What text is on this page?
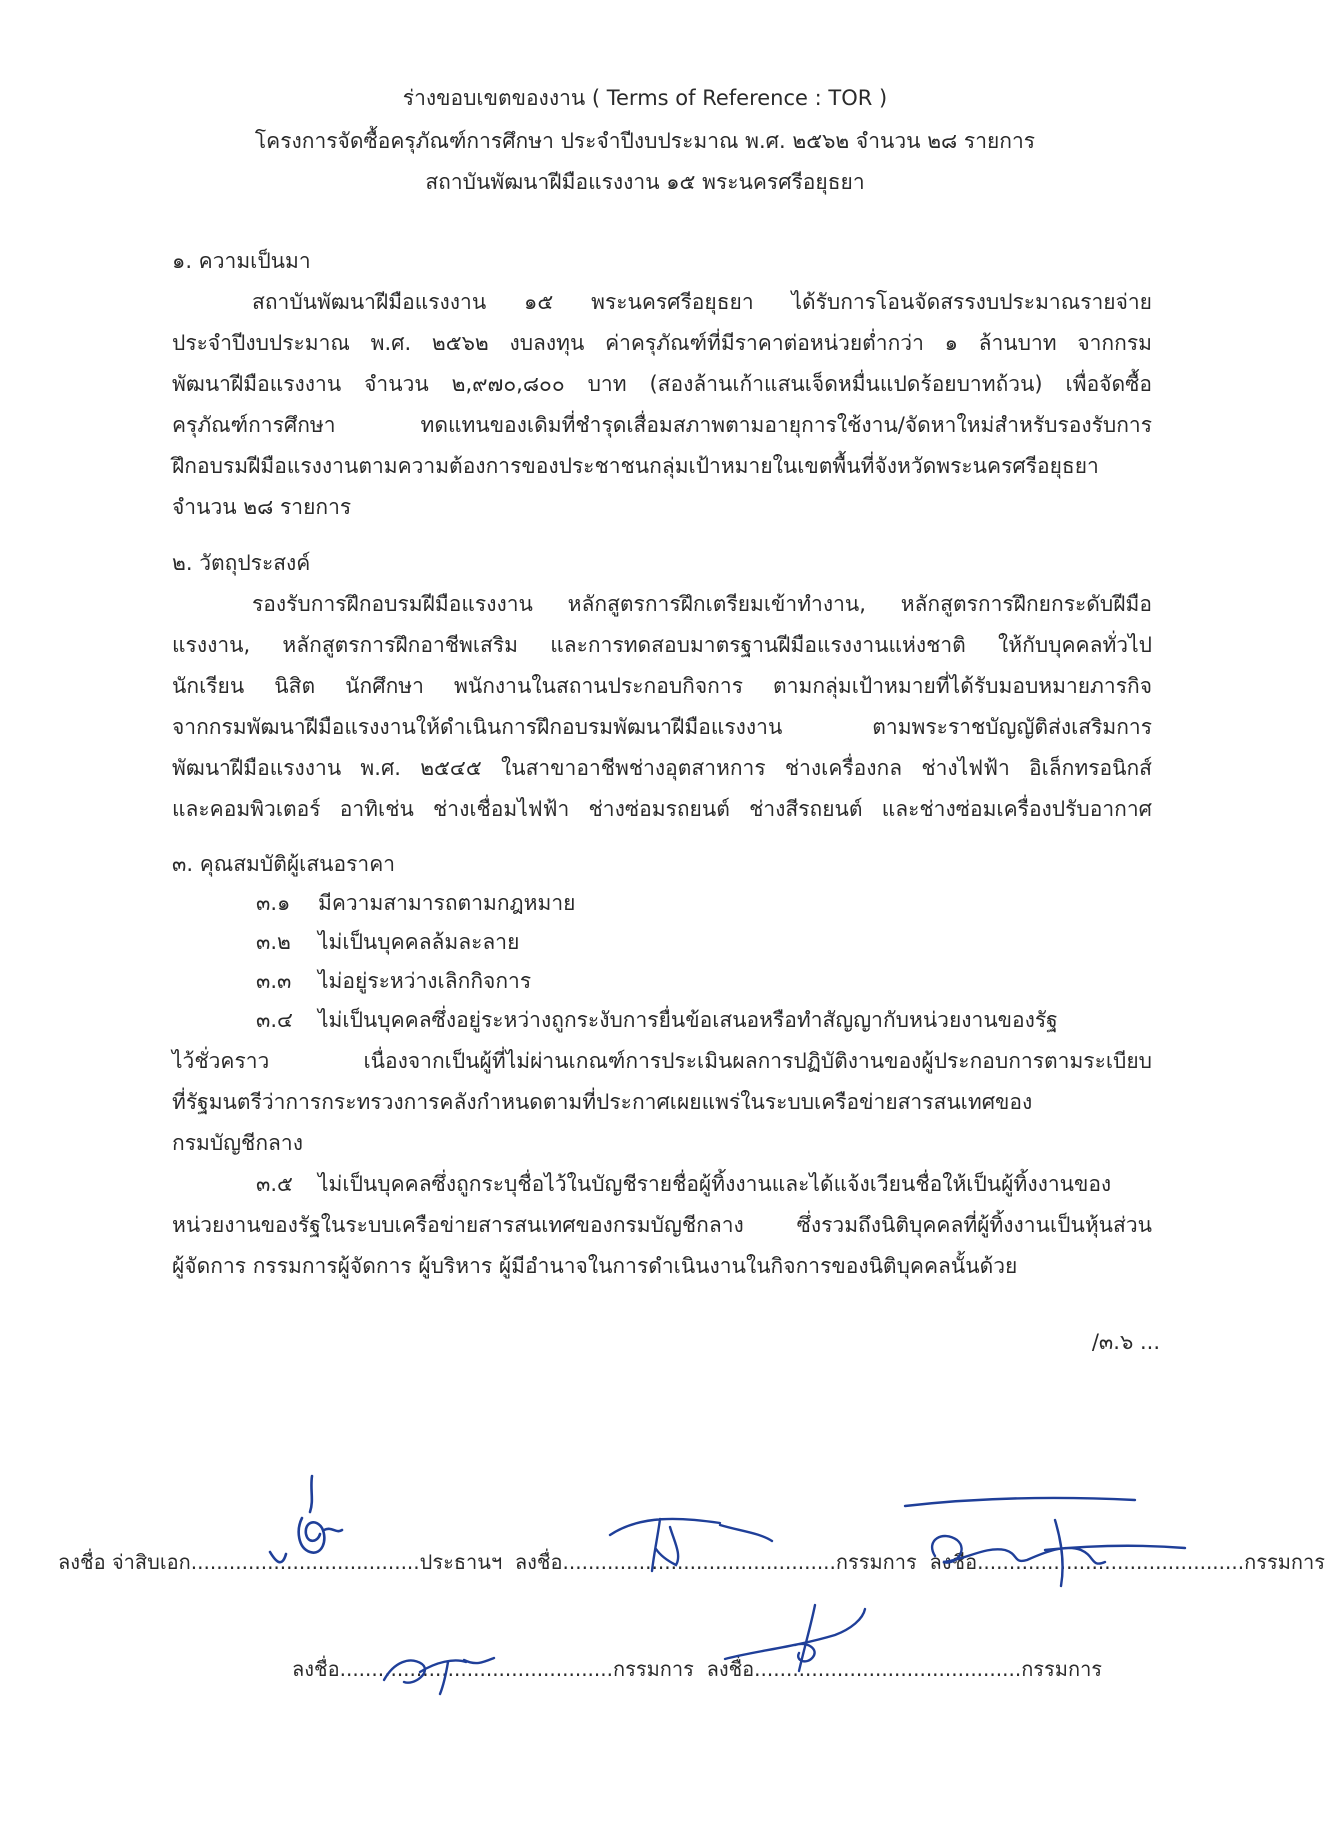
ร่างขอบเขตของงาน ( Terms of Reference : TOR )
โครงการจัดซื้อครุภัณฑ์การศึกษา ประจำปีงบประมาณ พ.ศ. ๒๕๖๒ จำนวน ๒๘ รายการ
สถาบันพัฒนาฝีมือแรงงาน ๑๕ พระนครศรีอยุธยา
๑. ความเป็นมา
สถาบันพัฒนาฝีมือแรงงาน ๑๕ พระนครศรีอยุธยา ได้รับการโอนจัดสรรงบประมาณรายจ่าย
ประจำปีงบประมาณ พ.ศ. ๒๕๖๒ งบลงทุน ค่าครุภัณฑ์ที่มีราคาต่อหน่วยต่ำกว่า ๑ ล้านบาท จากกรม
พัฒนาฝีมือแรงงาน จำนวน ๒,๙๗๐,๘๐๐ บาท (สองล้านเก้าแสนเจ็ดหมื่นแปดร้อยบาทถ้วน) เพื่อจัดซื้อ
ครุภัณฑ์การศึกษา ทดแทนของเดิมที่ชำรุดเสื่อมสภาพตามอายุการใช้งาน/จัดหาใหม่สำหรับรองรับการ
ฝึกอบรมฝีมือแรงงานตามความต้องการของประชาชนกลุ่มเป้าหมายในเขตพื้นที่จังหวัดพระนครศรีอยุธยา
จำนวน ๒๘ รายการ
๒. วัตถุประสงค์
รองรับการฝึกอบรมฝีมือแรงงาน หลักสูตรการฝึกเตรียมเข้าทำงาน, หลักสูตรการฝึกยกระดับฝีมือ
แรงงาน, หลักสูตรการฝึกอาชีพเสริม และการทดสอบมาตรฐานฝีมือแรงงานแห่งชาติ ให้กับบุคคลทั่วไป
นักเรียน นิสิต นักศึกษา พนักงานในสถานประกอบกิจการ ตามกลุ่มเป้าหมายที่ได้รับมอบหมายภารกิจ
จากกรมพัฒนาฝีมือแรงงานให้ดำเนินการฝึกอบรมพัฒนาฝีมือแรงงาน ตามพระราชบัญญัติส่งเสริมการ
พัฒนาฝีมือแรงงาน พ.ศ. ๒๕๔๕ ในสาขาอาชีพช่างอุตสาหการ ช่างเครื่องกล ช่างไฟฟ้า อิเล็กทรอนิกส์
และคอมพิวเตอร์ อาทิเช่น ช่างเชื่อมไฟฟ้า ช่างซ่อมรถยนต์ ช่างสีรถยนต์ และช่างซ่อมเครื่องปรับอากาศ
๓. คุณสมบัติผู้เสนอราคา
๓.๑ มีความสามารถตามกฎหมาย
๓.๒ ไม่เป็นบุคคลล้มละลาย
๓.๓ ไม่อยู่ระหว่างเลิกกิจการ
๓.๔ ไม่เป็นบุคคลซึ่งอยู่ระหว่างถูกระงับการยื่นข้อเสนอหรือทำสัญญากับหน่วยงานของรัฐ
ไว้ชั่วคราว เนื่องจากเป็นผู้ที่ไม่ผ่านเกณฑ์การประเมินผลการปฏิบัติงานของผู้ประกอบการตามระเบียบ
ที่รัฐมนตรีว่าการกระทรวงการคลังกำหนดตามที่ประกาศเผยแพร่ในระบบเครือข่ายสารสนเทศของ
กรมบัญชีกลาง
๓.๕ ไม่เป็นบุคคลซึ่งถูกระบุชื่อไว้ในบัญชีรายชื่อผู้ทิ้งงานและได้แจ้งเวียนชื่อให้เป็นผู้ทิ้งงานของ
หน่วยงานของรัฐในระบบเครือข่ายสารสนเทศของกรมบัญชีกลาง ซึ่งรวมถึงนิติบุคคลที่ผู้ทิ้งงานเป็นหุ้นส่วน
ผู้จัดการ กรรมการผู้จัดการ ผู้บริหาร ผู้มีอำนาจในการดำเนินงานในกิจการของนิติบุคคลนั้นด้วย
/๓.๖ ...
ลงชื่อ จ่าสิบเอก....................................ประธานฯ ลงชื่อ...........................................กรรมการ ลงชื่อ..........................................กรรมการ
ลงชื่อ...........................................กรรมการ ลงชื่อ..........................................กรรมการ
